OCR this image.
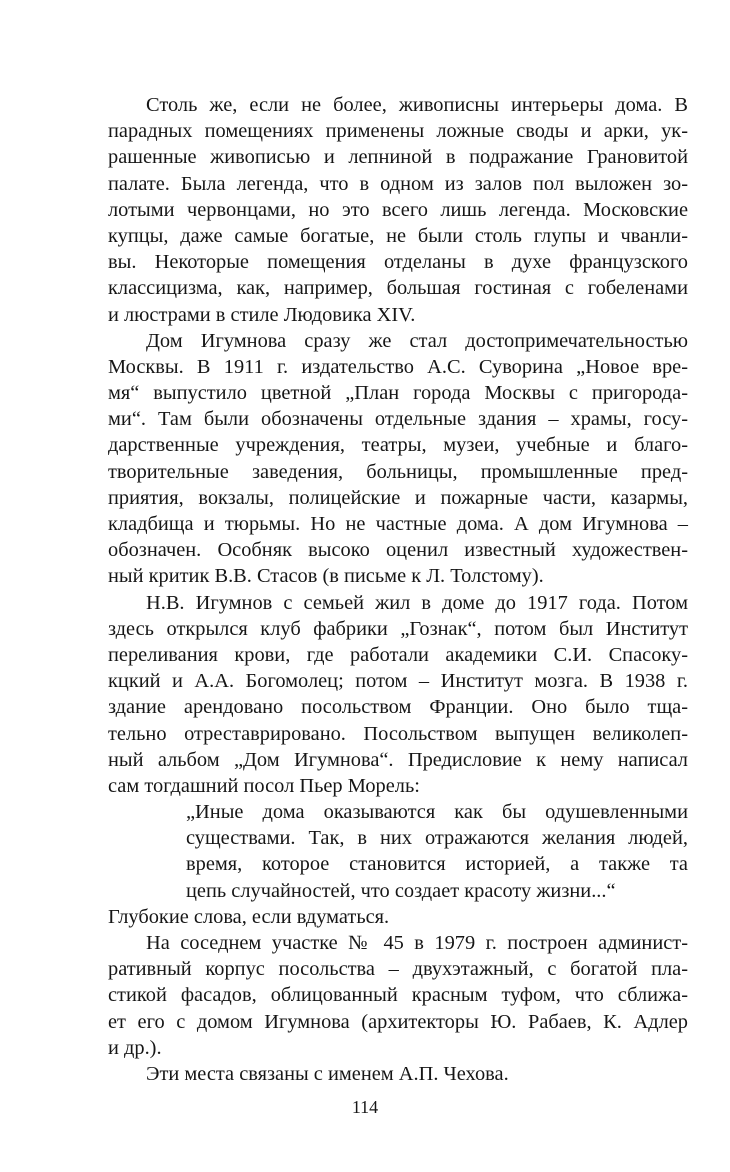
Столь же, если не более, живописны интерьеры дома. В
парадных помещениях применены ложные своды и арки, ук-
рашенные живописью и лепниной в подражание Грановитой
палате. Была легенда, что в одном из залов пол выложен зо-
лотыми червонцами, но это всего лишь легенда. Московские
купцы, даже самые богатые, не были столь глупы и чванли-
вы. Некоторые помещения отделаны в духе французского
классицизма, как, например, большая гостиная с гобеленами
и люстрами в стиле Людовика XIV.
Дом Игумнова сразу же стал достопримечательностью
Москвы. В 1911 г. издательство А.С. Суворина „Новое вре-
мя“ выпустило цветной „План города Москвы с пригорода-
ми“. Там были обозначены отдельные здания – храмы, госу-
дарственные учреждения, театры, музеи, учебные и благо-
творительные заведения, больницы, промышленные пред-
приятия, вокзалы, полицейские и пожарные части, казармы,
кладбища и тюрьмы. Но не частные дома. А дом Игумнова –
обозначен. Особняк высоко оценил известный художествен-
ный критик В.В. Стасов (в письме к Л. Толстому).
Н.В. Игумнов с семьей жил в доме до 1917 года. Потом
здесь открылся клуб фабрики „Гознак“, потом был Институт
переливания крови, где работали академики С.И. Спасоку-
кцкий и А.А. Богомолец; потом – Институт мозга. В 1938 г.
здание арендовано посольством Франции. Оно было тща-
тельно отреставрировано. Посольством выпущен великолеп-
ный альбом „Дом Игумнова“. Предисловие к нему написал
сам тогдашний посол Пьер Морель:
„Иные дома оказываются как бы одушевленными
существами. Так, в них отражаются желания людей,
время, которое становится историей, а также та
цепь случайностей, что создает красоту жизни...“
Глубокие слова, если вдуматься.
На соседнем участке № 45 в 1979 г. построен админист-
ративный корпус посольства – двухэтажный, с богатой пла-
стикой фасадов, облицованный красным туфом, что сближа-
ет его с домом Игумнова (архитекторы Ю. Рабаев, К. Адлер
и др.).
Эти места связаны с именем А.П. Чехова.
114
